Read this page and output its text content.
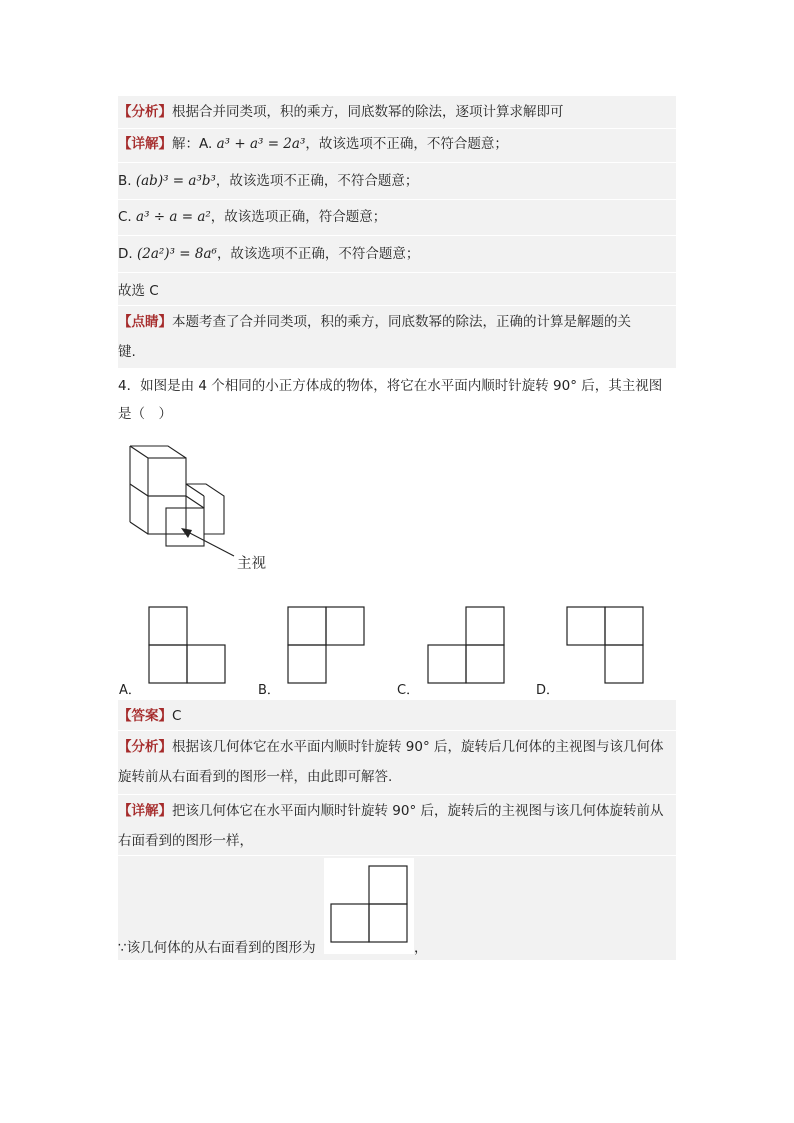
【分析】根据合并同类项，积的乘方，同底数幂的除法，逐项计算求解即可
【详解】解：A. a³ + a³ = 2a³，故该选项不正确，不符合题意；
B. (ab)³ = a³b³，故该选项不正确，不符合题意；
C. a³ ÷ a = a²，故该选项正确，符合题意；
D. (2a²)³ = 8a⁶，故该选项不正确，不符合题意；
故选 C
【点睛】本题考查了合并同类项，积的乘方，同底数幂的除法，正确的计算是解题的关
键.
4．如图是由 4 个相同的小正方体成的物体，将它在水平面内顺时针旋转 90° 后，其主视图
是（　）
主视
A．	B．	C．	D．
【答案】C
【分析】根据该几何体它在水平面内顺时针旋转 90° 后，旋转后几何体的主视图与该几何体
旋转前从右面看到的图形一样，由此即可解答.
【详解】把该几何体它在水平面内顺时针旋转 90° 后，旋转后的主视图与该几何体旋转前从
右面看到的图形一样，
∵该几何体的从右面看到的图形为	，
